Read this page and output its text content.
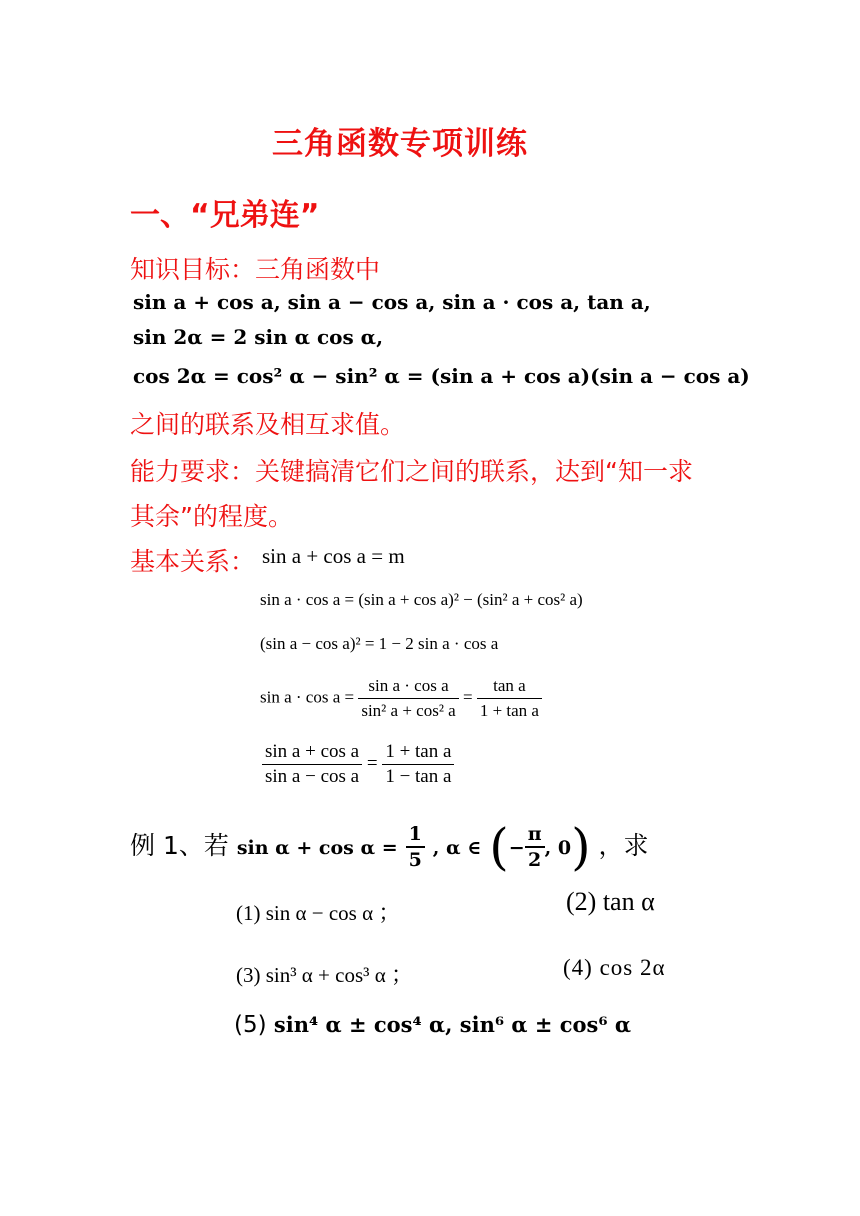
三角函数专项训练
一、“兄弟连”
知识目标：三角函数中
sin a + cos a, sin a − cos a, sin a · cos a, tan a,
sin 2α = 2 sin α cos α,
cos 2α = cos² α − sin² α = (sin a + cos a)(sin a − cos a)
之间的联系及相互求值。
能力要求：关键搞清它们之间的联系，达到“知一求
其余”的程度。
基本关系： sin a + cos a = m
sin a · cos a = (sin a + cos a)² − (sin² a + cos² a)
(sin a − cos a)² = 1 − 2 sin a · cos a
$\sin a \cdot \cos a = \frac{\text{sin a · cos a}}{\text{sin² a + cos² a}} = \frac{\text{tan a}}{\text{1 + tan a}}$
$\frac{\text{sin a + cos a}}{\text{sin a − cos a}} = \frac{\text{1 + tan a}}{\text{1 − tan a}}$
例 1、若 $\sin \alpha + \cos \alpha = \frac{1}{5}$ , α ∈ (− $\frac{\pi}{2}$ , 0) ，求
(1) sin α − cos α ；	(2) tan α
(3) sin³ α + cos³ α ；	(4) cos 2α
(5) sin⁴ α ± cos⁴ α, sin⁶ α ± cos⁶ α
